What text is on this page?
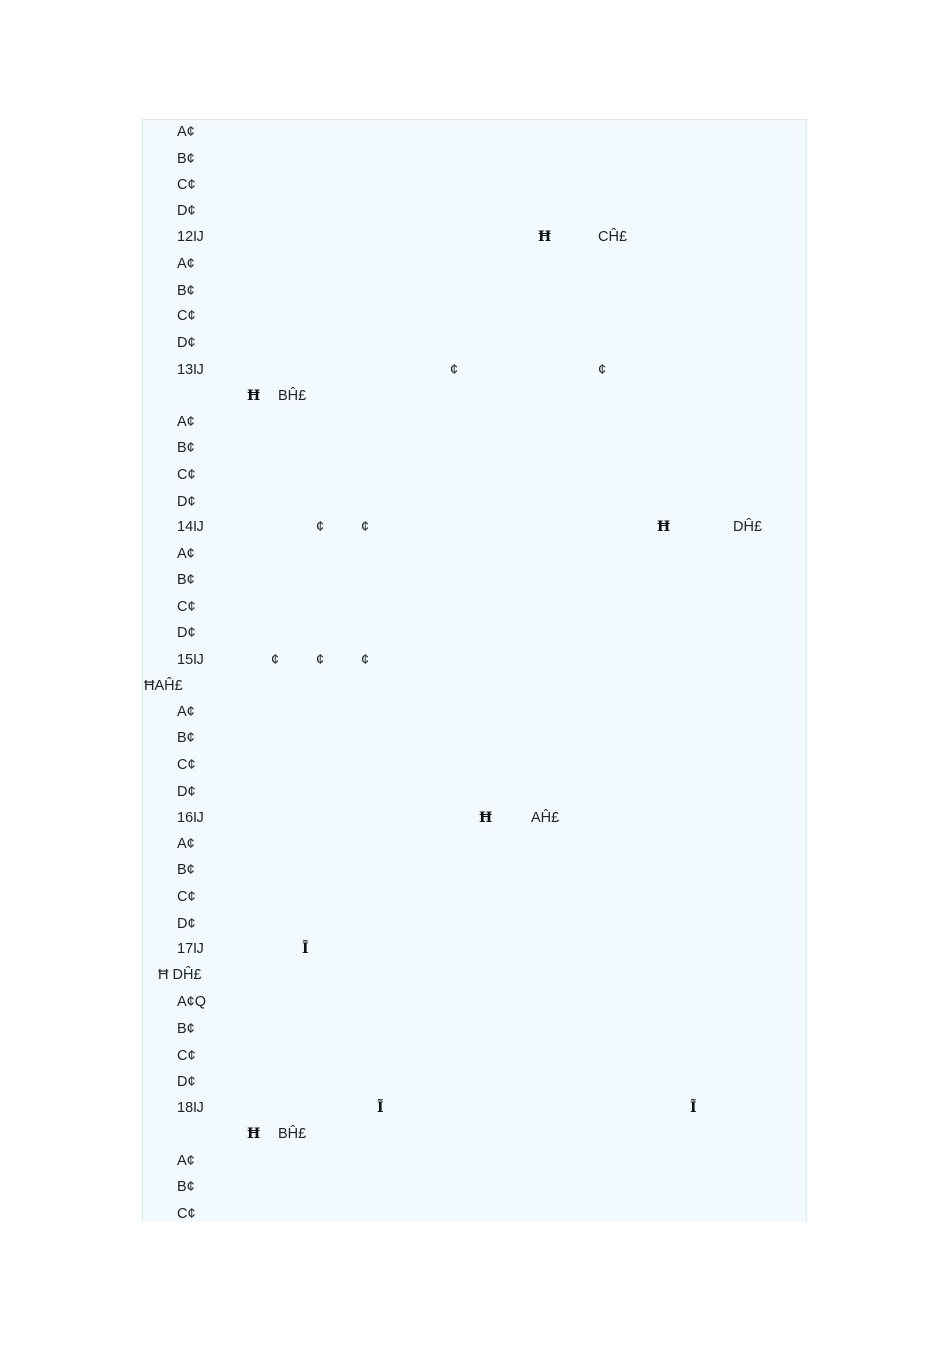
A¢
B¢
C¢
D¢
12Ĳ	Ħ	CĤ£
A¢
B¢
C¢
D¢
13Ĳ	¢	¢
Ħ BĤ£
A¢
B¢
C¢
D¢
14Ĳ	¢	¢	Ħ	DĤ£
A¢
B¢
C¢
D¢
15Ĳ	¢	¢	¢
ĦAĤ£
A¢
B¢
C¢
D¢
16Ĳ	Ħ	AĤ£
A¢
B¢
C¢
D¢
17Ĳ	Ĩ
Ħ DĤ£
A¢Q
B¢
C¢
D¢
18Ĳ	Ĩ	Ĩ
Ħ BĤ£
A¢
B¢
C¢
